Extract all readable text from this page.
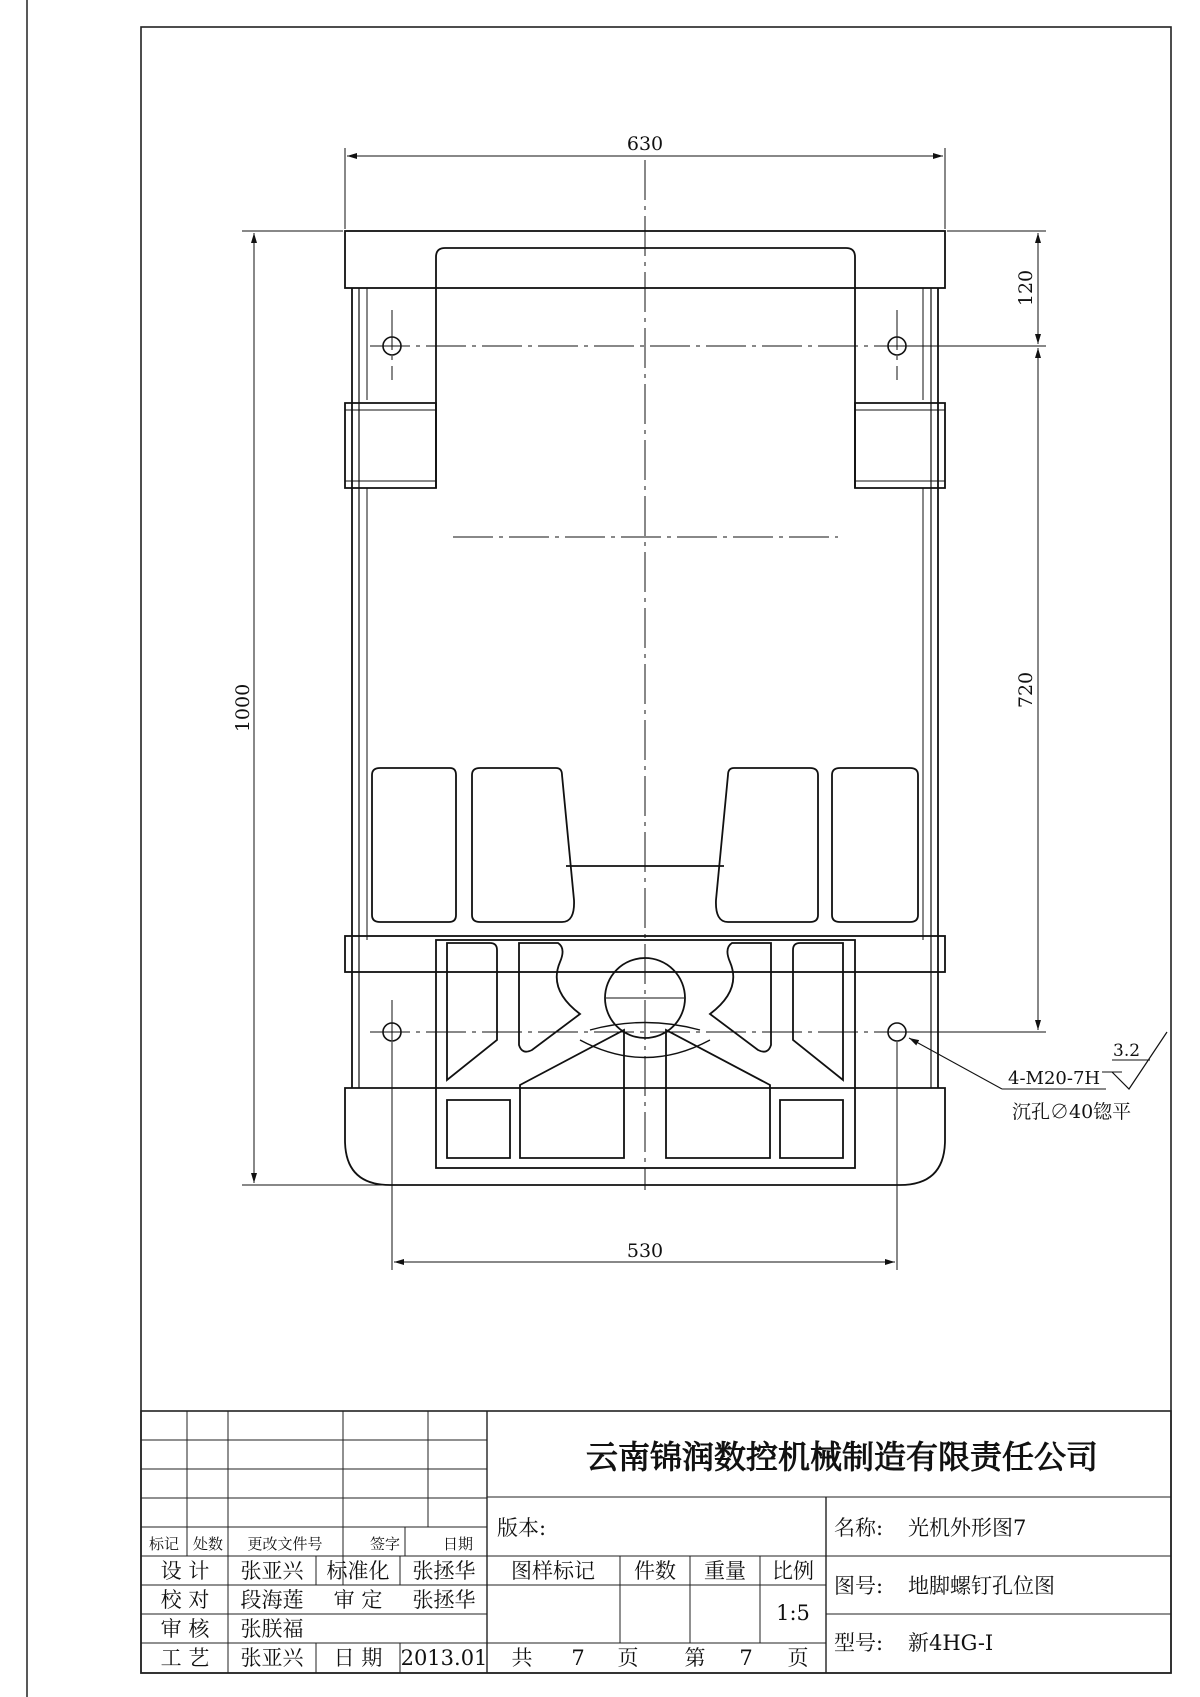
630
1000
120
720
530
4-M20-7H
沉孔∅40锪平
3.2
云南锦润数控机械制造有限责任公司
标记 处数 更改文件号	签字	日期
设 计 张亚兴 标准化 张拯华
校 对 段海莲 审 定 张拯华
审 核 张朕福
工 艺 张亚兴 日 期 2013.01
版本:
图样标记 件数 重量 比例
1:5
共 7 页 第 7 页
名称: 光机外形图7
图号: 地脚螺钉孔位图
型号: 新4HG-I
